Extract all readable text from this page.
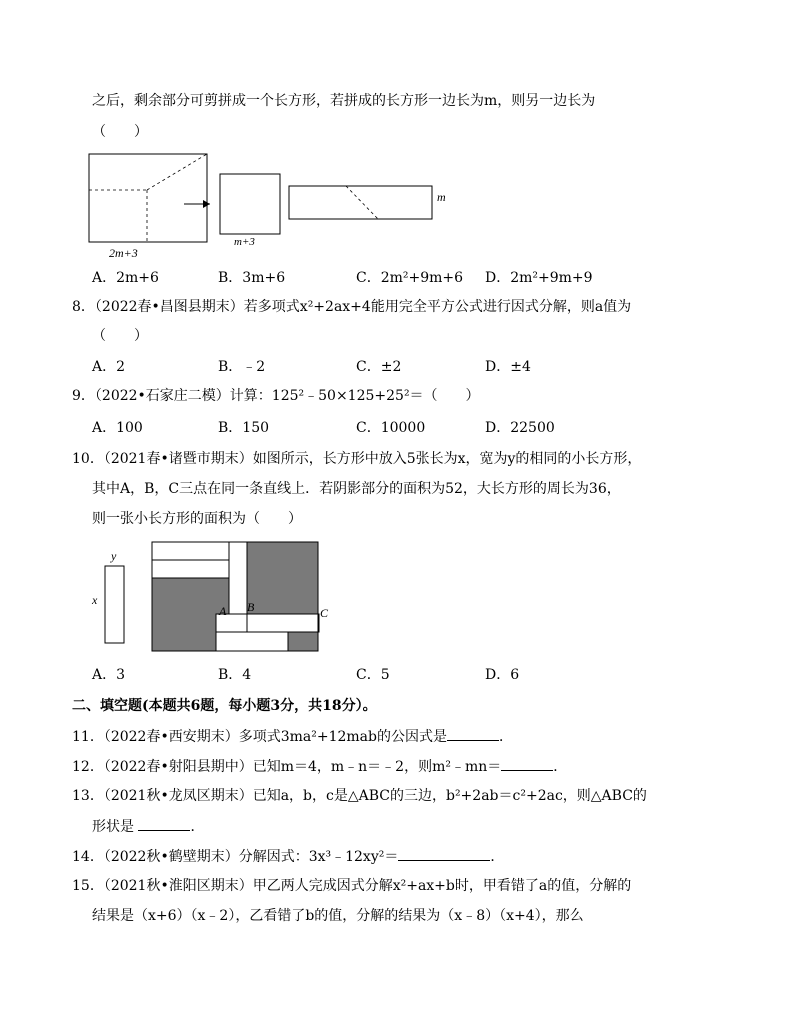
之后，剩余部分可剪拼成一个长方形，若拼成的长方形一边长为m，则另一边长为
（　　）
2m+3
m+3
m
A．2m+6	B．3m+6	C．2m²+9m+6 D．2m²+9m+9
8．（2022春•昌图县期末）若多项式x²+2ax+4能用完全平方公式进行因式分解，则a值为
（　　）
A．2	B．﹣2	C．±2	D．±4
9．（2022•石家庄二模）计算：125²﹣50×125+25²＝（　　）
A．100	B．150	C．10000	D．22500
10．（2021春•诸暨市期末）如图所示，长方形中放入5张长为x，宽为y的相同的小长方形，
其中A，B，C三点在同一条直线上．若阴影部分的面积为52，大长方形的周长为36，
则一张小长方形的面积为（　　）
y
x
A B	C
A．3	B．4	C．5	D．6
二、填空题(本题共6题，每小题3分，共18分）。
11．（2022春•西安期末）多项式3ma²+12mab的公因式是	．
12．（2022春•射阳县期中）已知m＝4，m﹣n＝﹣2，则m²﹣mn＝	．
13．（2021秋•龙凤区期末）已知a，b，c是△ABC的三边，b²+2ab＝c²+2ac，则△ABC的
形状是	．
14．（2022秋•鹤壁期末）分解因式：3x³﹣12xy²＝	．
15．（2021秋•淮阳区期末）甲乙两人完成因式分解x²+ax+b时，甲看错了a的值，分解的
结果是（x+6）（x﹣2），乙看错了b的值，分解的结果为（x﹣8）（x+4），那么
